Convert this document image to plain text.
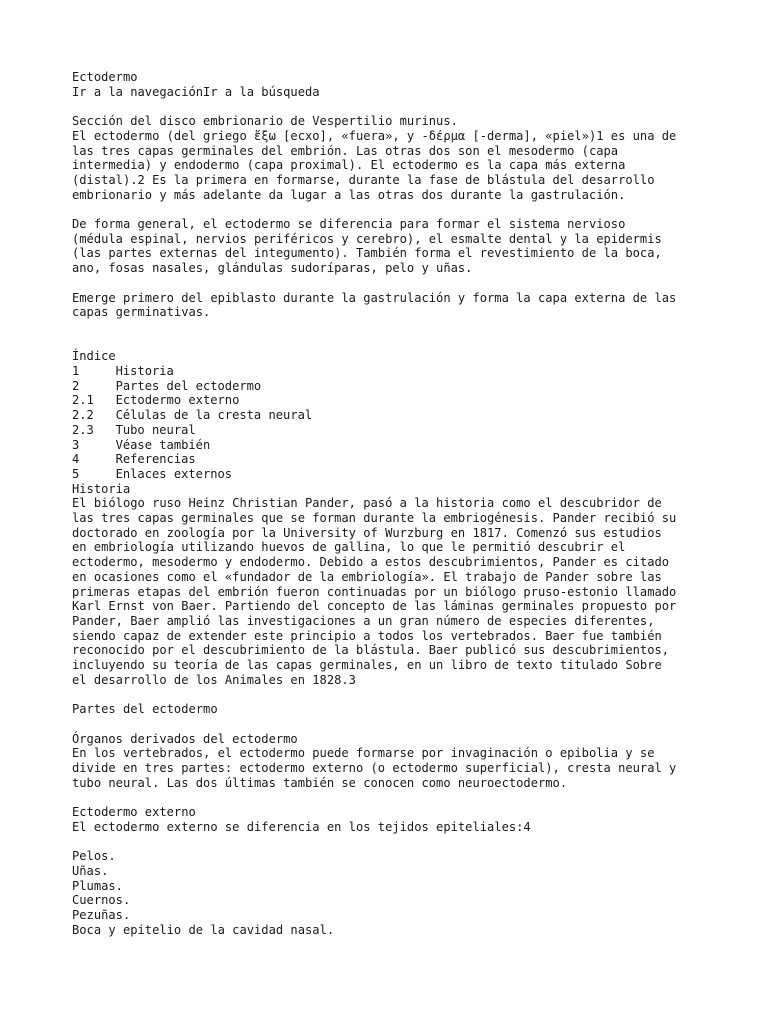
Ectodermo
Ir a la navegaciónIr a la búsqueda
Sección del disco embrionario de Vespertilio murinus.
El ectodermo (del griego ἔξω [ecxo], «fuera», y -δέρμα [-derma], «piel»)1 es una de
las tres capas germinales del embrión. Las otras dos son el mesodermo (capa
intermedia) y endodermo (capa proximal). El ectodermo es la capa más externa
(distal).2 Es la primera en formarse, durante la fase de blástula del desarrollo
embrionario y más adelante da lugar a las otras dos durante la gastrulación.
De forma general, el ectodermo se diferencia para formar el sistema nervioso
(médula espinal, nervios periféricos y cerebro), el esmalte dental y la epidermis
(las partes externas del integumento). También forma el revestimiento de la boca,
ano, fosas nasales, glándulas sudoríparas, pelo y uñas.
Emerge primero del epiblasto durante la gastrulación y forma la capa externa de las
capas germinativas.
Índice
1	Historia
2	Partes del ectodermo
2.1 Ectodermo externo
2.2 Células de la cresta neural
2.3 Tubo neural
3	Véase también
4	Referencias
5	Enlaces externos
Historia
El biólogo ruso Heinz Christian Pander, pasó a la historia como el descubridor de
las tres capas germinales que se forman durante la embriogénesis. Pander recibió su
doctorado en zoología por la University of Wurzburg en 1817. Comenzó sus estudios
en embriología utilizando huevos de gallina, lo que le permitió descubrir el
ectodermo, mesodermo y endodermo. Debido a estos descubrimientos, Pander es citado
en ocasiones como el «fundador de la embriología». El trabajo de Pander sobre las
primeras etapas del embrión fueron continuadas por un biólogo pruso-estonio llamado
Karl Ernst von Baer. Partiendo del concepto de las láminas germinales propuesto por
Pander, Baer amplió las investigaciones a un gran número de especies diferentes,
siendo capaz de extender este principio a todos los vertebrados. Baer fue también
reconocido por el descubrimiento de la blástula. Baer publicó sus descubrimientos,
incluyendo su teoría de las capas germinales, en un libro de texto titulado Sobre
el desarrollo de los Animales en 1828.3
Partes del ectodermo
Órganos derivados del ectodermo
En los vertebrados, el ectodermo puede formarse por invaginación o epibolia y se
divide en tres partes: ectodermo externo (o ectodermo superficial), cresta neural y
tubo neural. Las dos últimas también se conocen como neuroectodermo.
Ectodermo externo
El ectodermo externo se diferencia en los tejidos epiteliales:4
Pelos.
Uñas.
Plumas.
Cuernos.
Pezuñas.
Boca y epitelio de la cavidad nasal.
